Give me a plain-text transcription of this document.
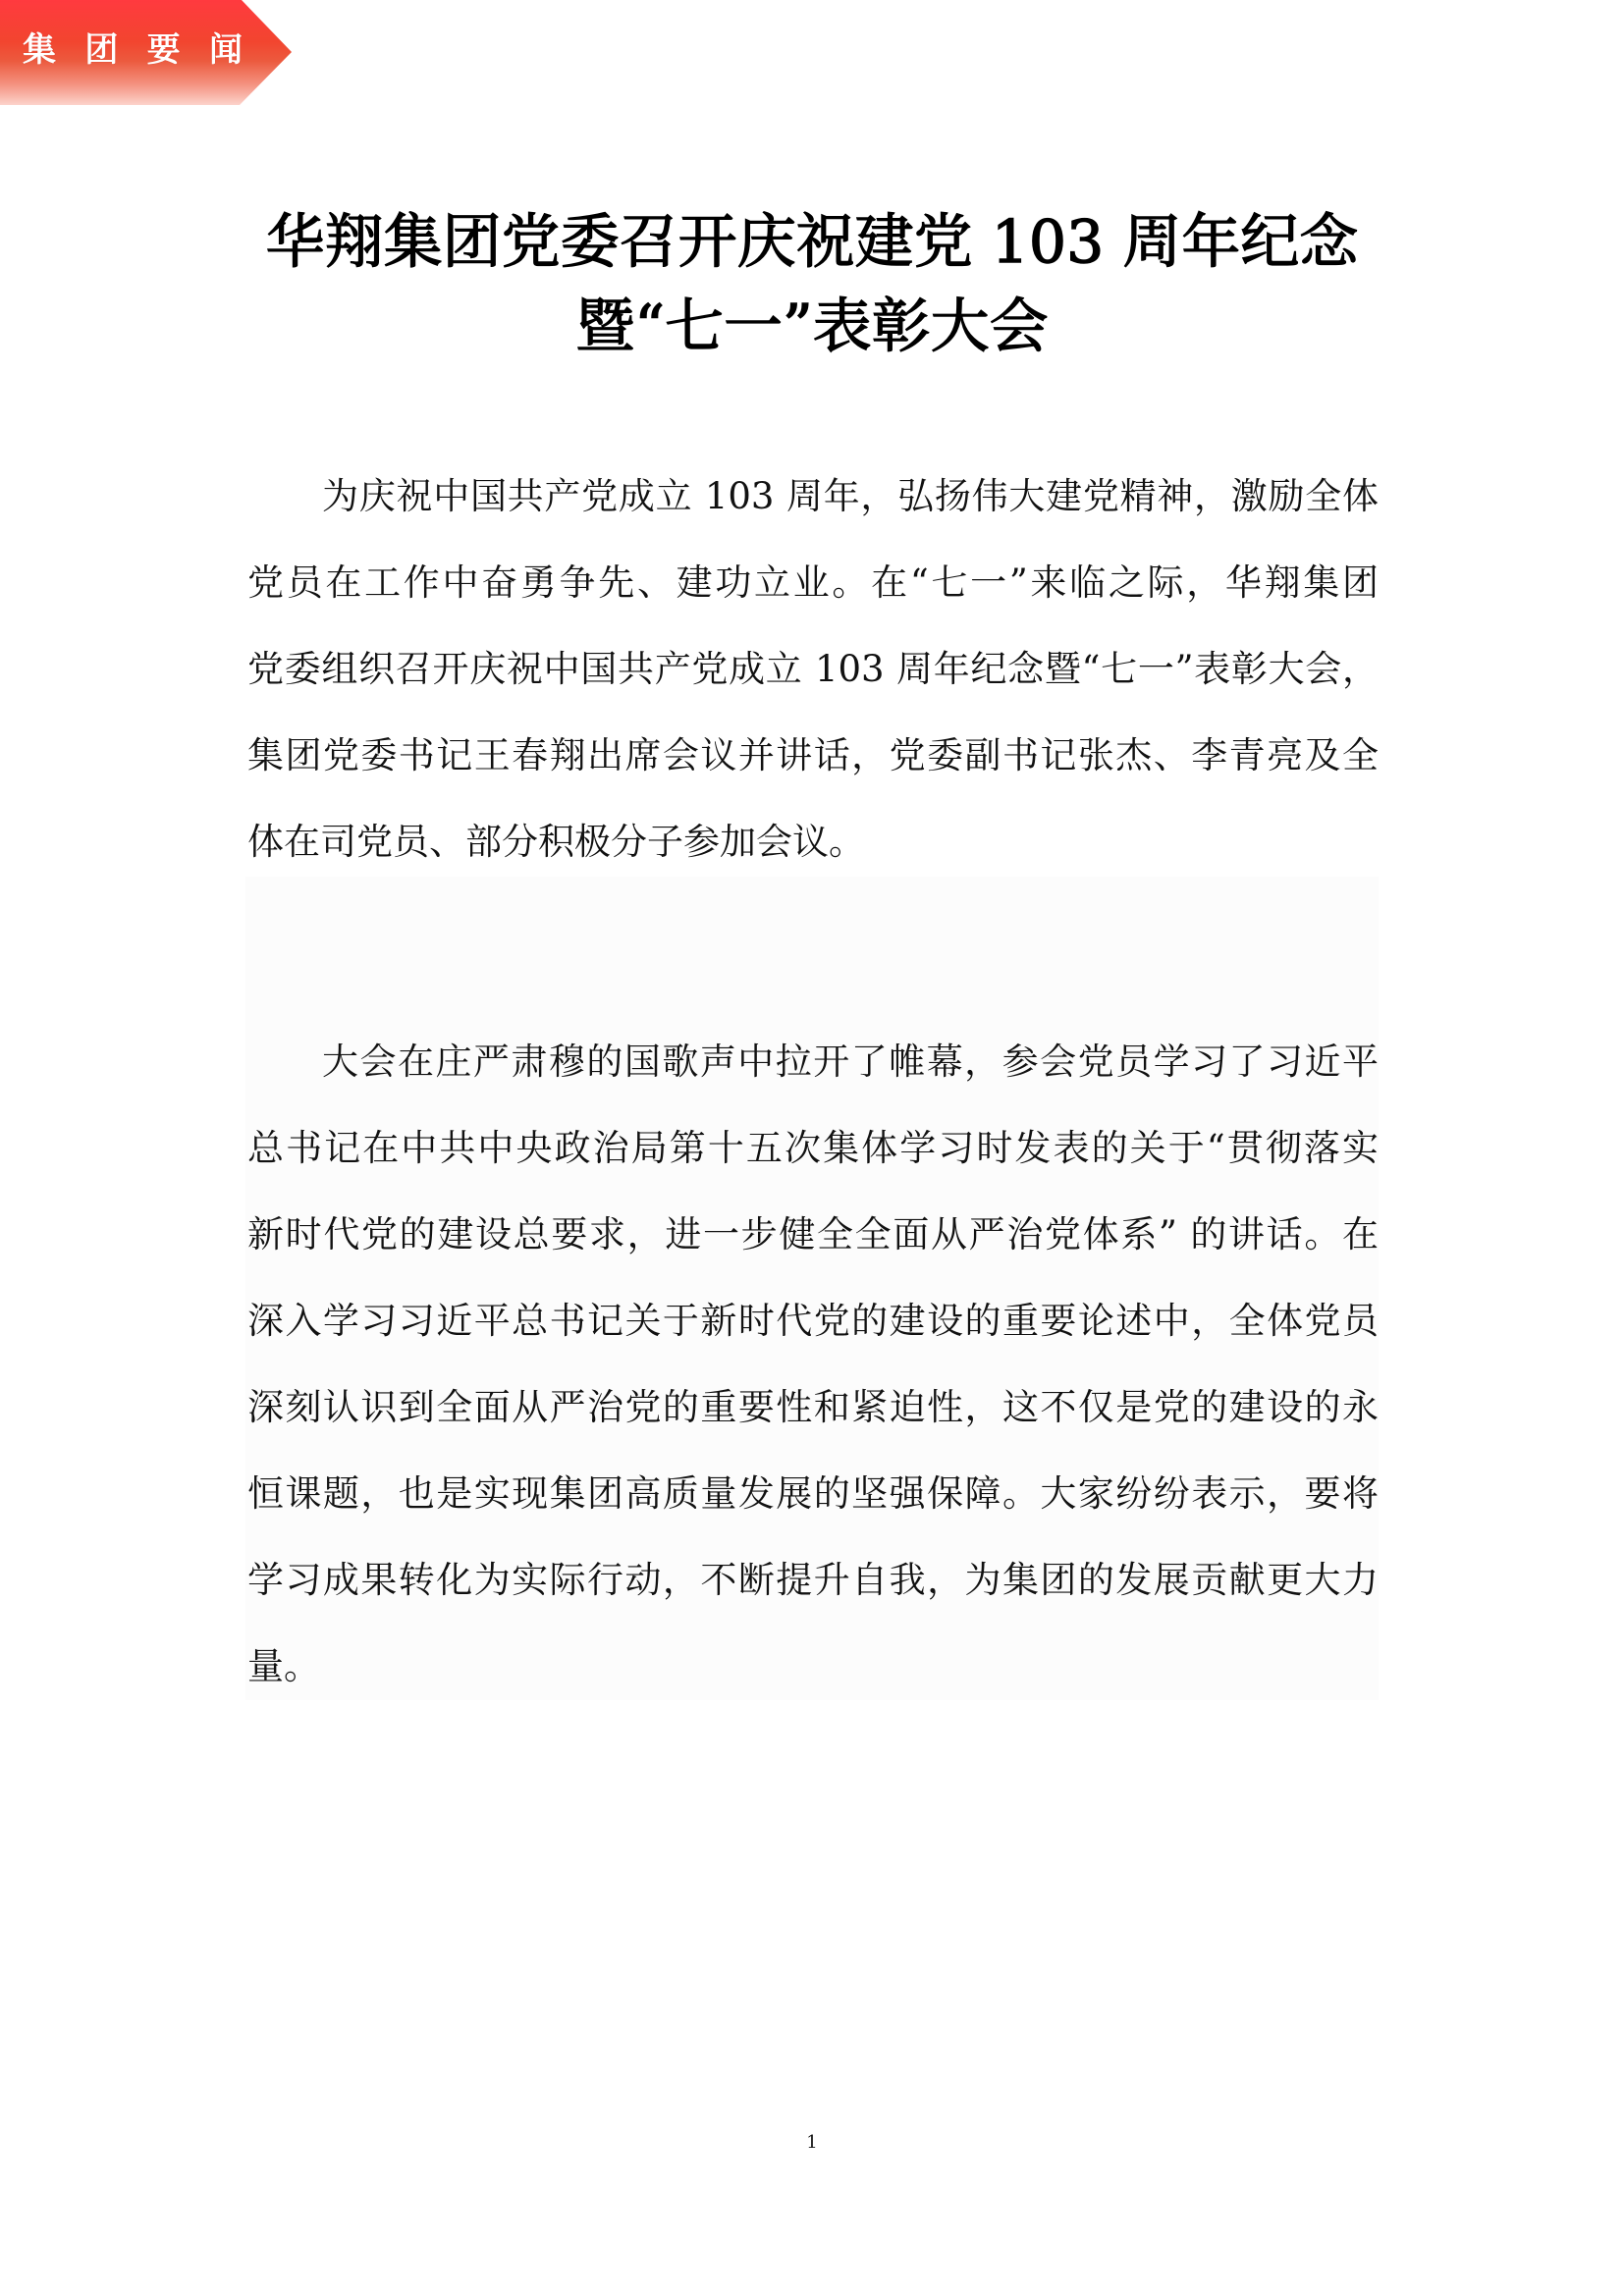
集 团 要 闻
华翔集团党委召开庆祝建党 103 周年纪念
暨“七一”表彰大会
为庆祝中国共产党成立 103 周年，弘扬伟大建党精神，激励全体
党员在工作中奋勇争先、建功立业。在“七一”来临之际，华翔集团
党委组织召开庆祝中国共产党成立 103 周年纪念暨“七一”表彰大会，
集团党委书记王春翔出席会议并讲话，党委副书记张杰、李青亮及全
体在司党员、部分积极分子参加会议。
大会在庄严肃穆的国歌声中拉开了帷幕，参会党员学习了习近平
总书记在中共中央政治局第十五次集体学习时发表的关于“贯彻落实
新时代党的建设总要求，进一步健全全面从严治党体系” 的讲话。在
深入学习习近平总书记关于新时代党的建设的重要论述中，全体党员
深刻认识到全面从严治党的重要性和紧迫性，这不仅是党的建设的永
恒课题，也是实现集团高质量发展的坚强保障。大家纷纷表示，要将
学习成果转化为实际行动，不断提升自我，为集团的发展贡献更大力
量。
1
